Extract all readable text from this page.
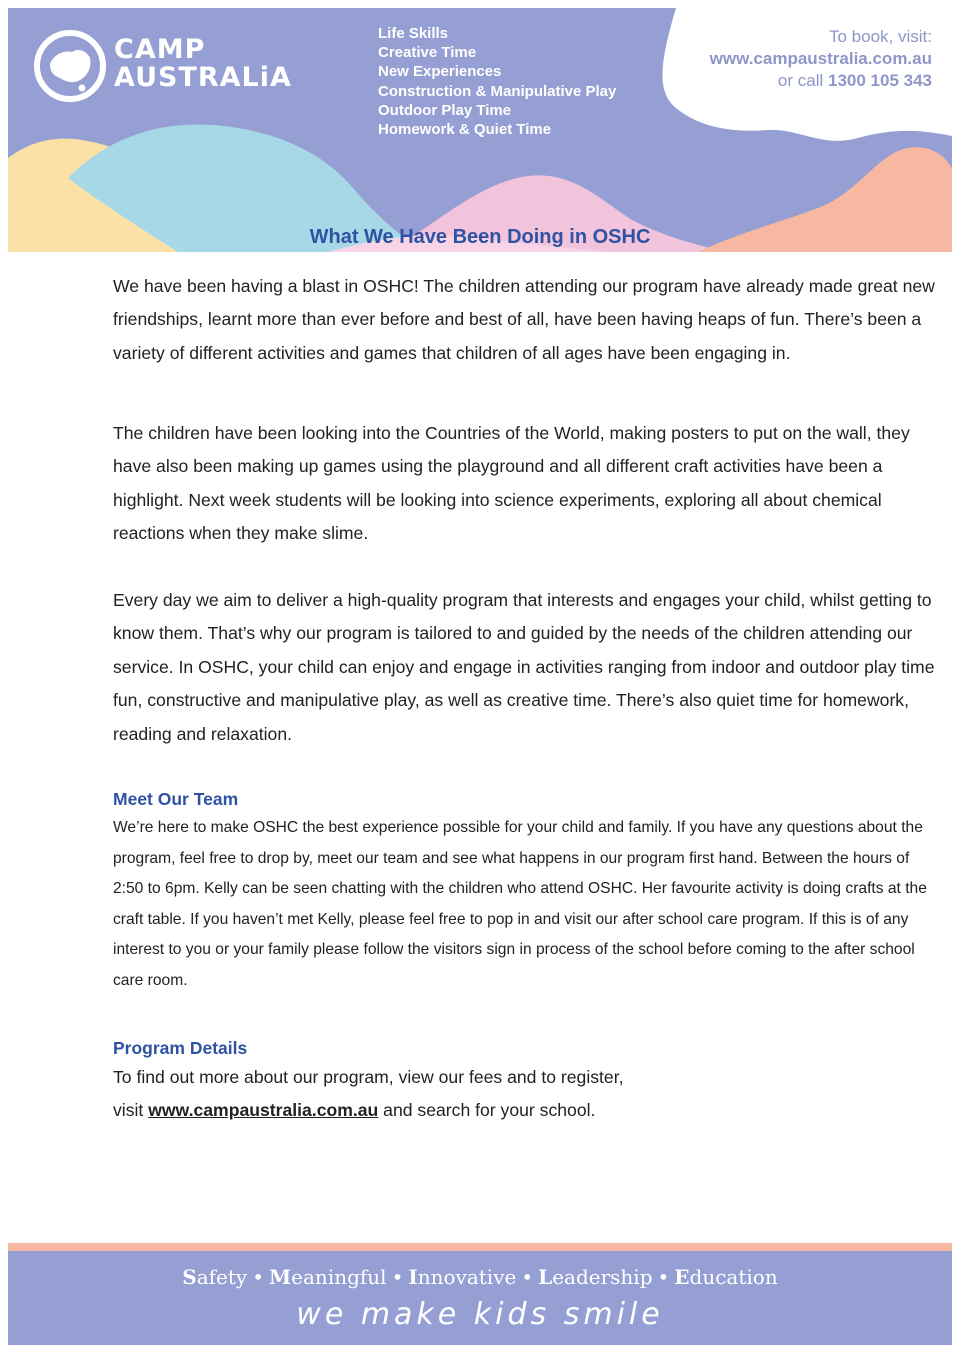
CAMP
AUSTRALiA
Life Skills
Creative Time
New Experiences
Construction & Manipulative Play
Outdoor Play Time
Homework & Quiet Time
To book, visit:
www.campaustralia.com.au
or call 1300 105 343
What We Have Been Doing in OSHC

We have been having a blast in OSHC! The children attending our program have already made great new friendships, learnt more than ever before and best of all, have been having heaps of fun. There’s been a variety of different activities and games that children of all ages have been engaging in.

The children have been looking into the Countries of the World, making posters to put on the wall, they have also been making up games using the playground and all different craft activities have been a highlight. Next week students will be looking into science experiments, exploring all about chemical reactions when they make slime.

Every day we aim to deliver a high-quality program that interests and engages your child, whilst getting to know them. That’s why our program is tailored to and guided by the needs of the children attending our service. In OSHC, your child can enjoy and engage in activities ranging from indoor and outdoor play time fun, constructive and manipulative play, as well as creative time. There’s also quiet time for homework, reading and relaxation.

Meet Our Team

We’re here to make OSHC the best experience possible for your child and family. If you have any questions about the program, feel free to drop by, meet our team and see what happens in our program first hand. Between the hours of 2:50 to 6pm. Kelly can be seen chatting with the children who attend OSHC. Her favourite activity is doing crafts at the craft table. If you haven’t met Kelly, please feel free to pop in and visit our after school care program. If this is of any interest to you or your family please follow the visitors sign in process of the school before coming to the after school care room.

Program Details

To find out more about our program, view our fees and to register,
visit www.campaustralia.com.au and search for your school.

Safety • Meaningful • Innovative • Leadership • Education
we make kids smile
